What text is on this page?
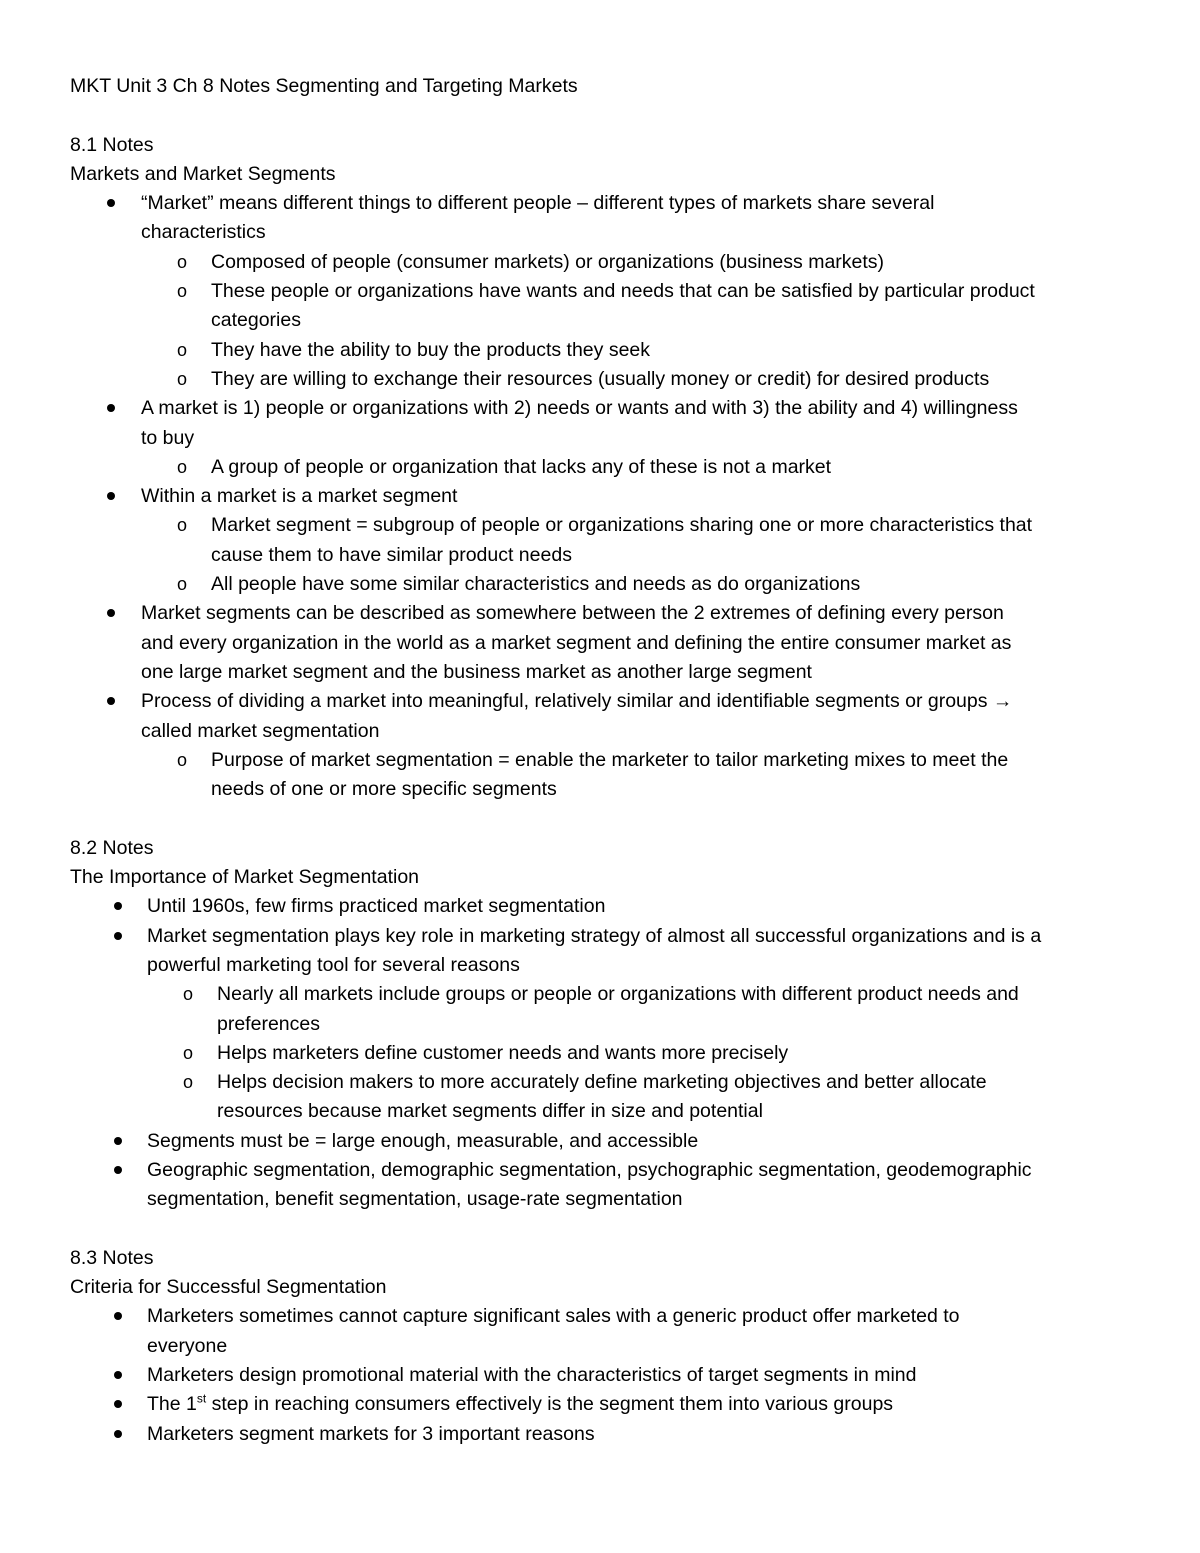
MKT Unit 3 Ch 8 Notes Segmenting and Targeting Markets
8.1 Notes
Markets and Market Segments
“Market” means different things to different people – different types of markets share several
characteristics
o Composed of people (consumer markets) or organizations (business markets)
o These people or organizations have wants and needs that can be satisfied by particular product
categories
o They have the ability to buy the products they seek
o They are willing to exchange their resources (usually money or credit) for desired products
A market is 1) people or organizations with 2) needs or wants and with 3) the ability and 4) willingness
to buy
o A group of people or organization that lacks any of these is not a market
Within a market is a market segment
o Market segment = subgroup of people or organizations sharing one or more characteristics that
cause them to have similar product needs
o All people have some similar characteristics and needs as do organizations
Market segments can be described as somewhere between the 2 extremes of defining every person
and every organization in the world as a market segment and defining the entire consumer market as
one large market segment and the business market as another large segment
Process of dividing a market into meaningful, relatively similar and identifiable segments or groups →
called market segmentation
o Purpose of market segmentation = enable the marketer to tailor marketing mixes to meet the
needs of one or more specific segments
8.2 Notes
The Importance of Market Segmentation
Until 1960s, few firms practiced market segmentation
Market segmentation plays key role in marketing strategy of almost all successful organizations and is a
powerful marketing tool for several reasons
o Nearly all markets include groups or people or organizations with different product needs and
preferences
o Helps marketers define customer needs and wants more precisely
o Helps decision makers to more accurately define marketing objectives and better allocate
resources because market segments differ in size and potential
Segments must be = large enough, measurable, and accessible
Geographic segmentation, demographic segmentation, psychographic segmentation, geodemographic
segmentation, benefit segmentation, usage-rate segmentation
8.3 Notes
Criteria for Successful Segmentation
Marketers sometimes cannot capture significant sales with a generic product offer marketed to
everyone
Marketers design promotional material with the characteristics of target segments in mind
The 1st step in reaching consumers effectively is the segment them into various groups
Marketers segment markets for 3 important reasons
